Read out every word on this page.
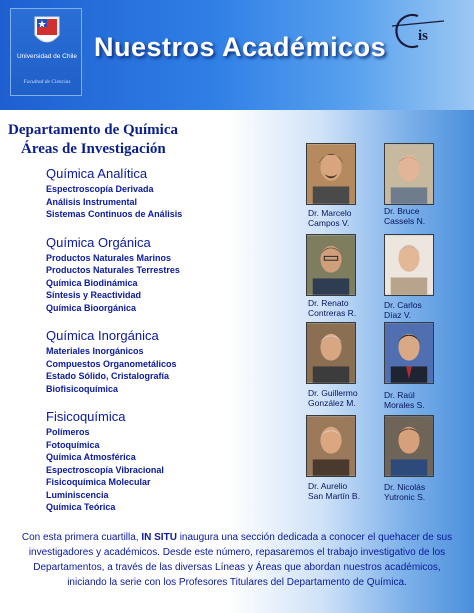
Universidad de Chile
Facultad de Ciencias
Nuestros Académicos is
Departamento de Química
Áreas de Investigación
Química Analítica
Espectroscopía Derivada
Análisis Instrumental
Sistemas Continuos de Análisis
Química Orgánica
Productos Naturales Marinos
Productos Naturales Terrestres
Química Biodinámica
Síntesis y Reactividad
Química Bioorgánica
Química Inorgánica
Materiales Inorgánicos
Compuestos Organometálicos
Estado Sólido, Cristalografía
Biofisicoquímica
Fisicoquímica
Polímeros
Fotoquímica
Química Atmosférica
Espectroscopía Vibracional
Fisicoquímica Molecular
Luminiscencia
Química Teórica
Dr. Marcelo
Campos V.
Dr. Bruce
Cassels N.
Dr. Renato
Contreras R.
Dr. Carlos
Díaz V.
Dr. Guillermo
González M.
Dr. Raúl
Morales S.
Dr. Aurelio
San Martín B.
Dr. Nicolás
Yutronic S.
Con esta primera cuartilla, IN SITU inaugura una sección dedicada a conocer el quehacer de sus investigadores y académicos. Desde este número, repasaremos el trabajo investigativo de los Departamentos, a través de las diversas Líneas y Áreas que abordan nuestros académicos, iniciando la serie con los Profesores Titulares del Departamento de Química.
